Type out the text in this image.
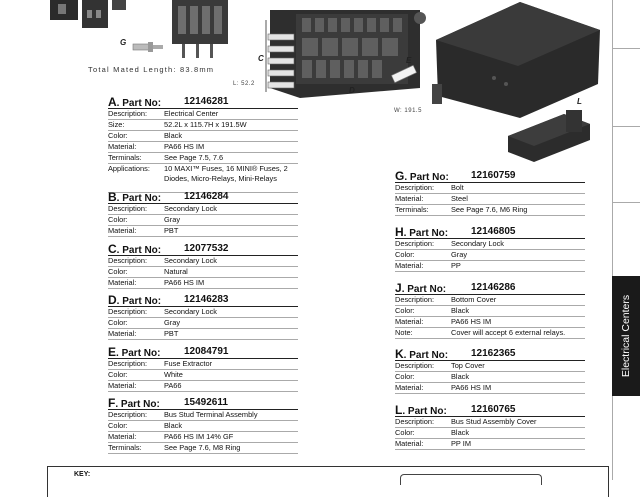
G
C	E
D
L
Total Mated Length: 83.8mm
L: 52.2
W: 191.5
A. Part No: 12146281
Description: Electrical Center
Size:	52.2L x 115.7H x 191.5W
Color:	Black
Material:	PA66 HS IM
Terminals:	See Page 7.5, 7.6
Applications: 10 MAXI™ Fuses, 16 MINI® Fuses, 2 Diodes, Micro-Relays, Mini-Relays
B. Part No: 12146284
Description: Secondary Lock
Color:	Gray
Material:	PBT
C. Part No: 12077532
Description: Secondary Lock
Color:	Natural
Material:	PA66 HS IM
D. Part No: 12146283
Description: Secondary Lock
Color:	Gray
Material:	PBT
E. Part No: 12084791
Description: Fuse Extractor
Color:	White
Material:	PA66
F. Part No: 15492611
Description: Bus Stud Terminal Assembly
Color:	Black
Material:	PA66 HS IM 14% GF
Terminals:	See Page 7.6, M8 Ring
G. Part No: 12160759
Description: Bolt
Material:	Steel
Terminals:	See Page 7.6, M6 Ring
H. Part No: 12146805
Description: Secondary Lock
Color:	Gray
Material:	PP
J. Part No: 12146286
Description: Bottom Cover
Color:	Black
Material:	PA66 HS IM
Note:	Cover will accept 6 external relays.
K. Part No: 12162365
Description: Top Cover
Color:	Black
Material:	PA66 HS IM
L. Part No: 12160765
Description: Bus Stud Assembly Cover
Color:	Black
Material:	PP IM
Electrical Centers
KEY:
